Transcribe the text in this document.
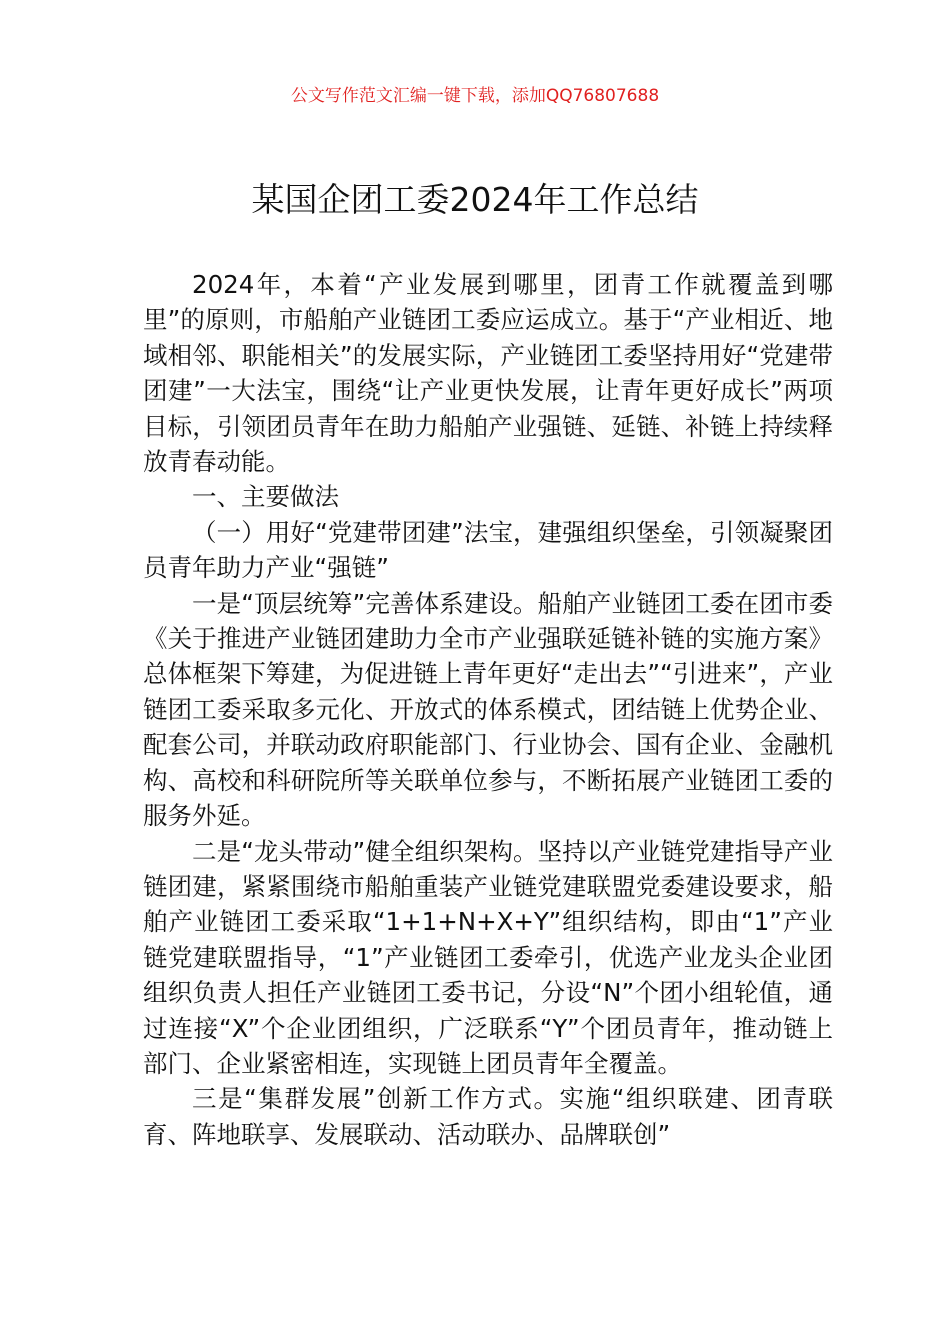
公文写作范文汇编一键下载，添加QQ76807688
某国企团工委2024年工作总结

2024年，本着“产业发展到哪里，团青工作就覆盖到哪里”的原则，市船舶产业链团工委应运成立。基于“产业相近、地域相邻、职能相关”的发展实际，产业链团工委坚持用好“党建带团建”一大法宝，围绕“让产业更快发展，让青年更好成长”两项目标，引领团员青年在助力船舶产业强链、延链、补链上持续释放青春动能。

一、主要做法

（一）用好“党建带团建”法宝，建强组织堡垒，引领凝聚团员青年助力产业“强链”

一是“顶层统筹”完善体系建设。船舶产业链团工委在团市委《关于推进产业链团建助力全市产业强联延链补链的实施方案》总体框架下筹建，为促进链上青年更好“走出去”“引进来”，产业链团工委采取多元化、开放式的体系模式，团结链上优势企业、配套公司，并联动政府职能部门、行业协会、国有企业、金融机构、高校和科研院所等关联单位参与，不断拓展产业链团工委的服务外延。

二是“龙头带动”健全组织架构。坚持以产业链党建指导产业链团建，紧紧围绕市船舶重装产业链党建联盟党委建设要求，船舶产业链团工委采取“1+1+N+X+Y”组织结构，即由“1”产业链党建联盟指导，“1”产业链团工委牵引，优选产业龙头企业团组织负责人担任产业链团工委书记，分设“N”个团小组轮值，通过连接“X”个企业团组织，广泛联系“Y”个团员青年，推动链上部门、企业紧密相连，实现链上团员青年全覆盖。

三是“集群发展”创新工作方式。实施“组织联建、团青联育、阵地联享、发展联动、活动联办、品牌联创”
